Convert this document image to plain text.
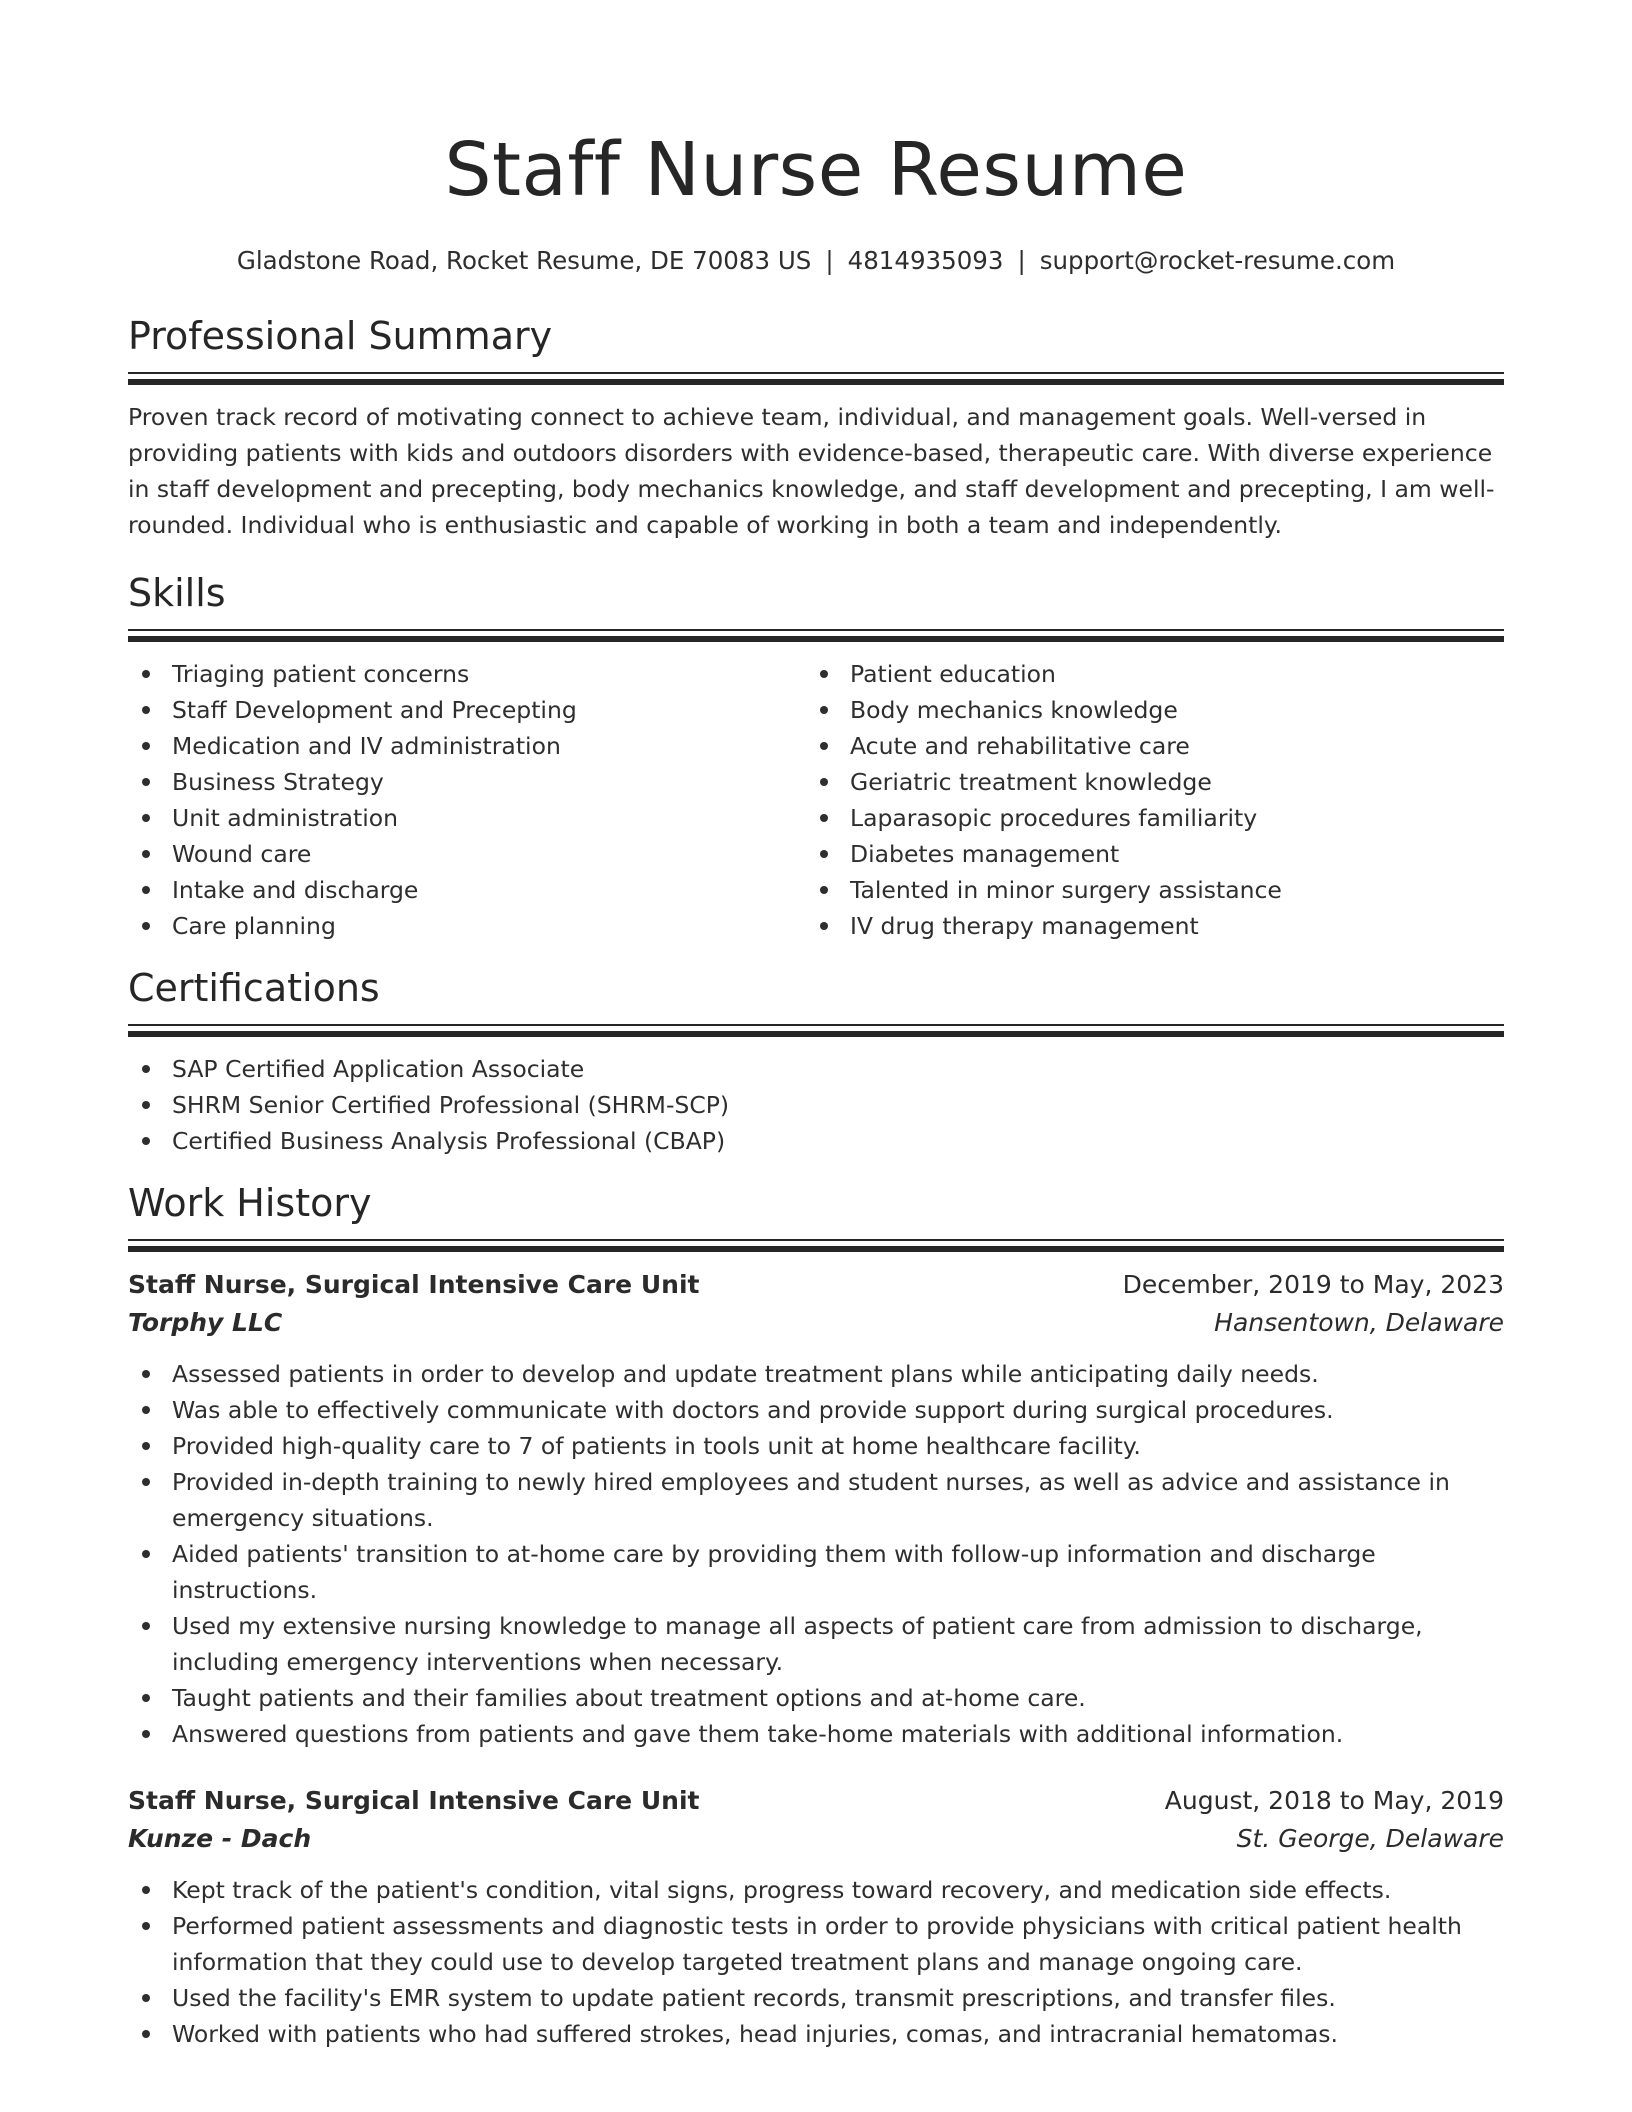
Staff Nurse Resume
Gladstone Road, Rocket Resume, DE 70083 US | 4814935093 | support@rocket-resume.com
Professional Summary
Proven track record of motivating connect to achieve team, individual, and management goals. Well-versed in providing patients with kids and outdoors disorders with evidence-based, therapeutic care. With diverse experience in staff development and precepting, body mechanics knowledge, and staff development and precepting, I am well-rounded. Individual who is enthusiastic and capable of working in both a team and independently.
Skills
Triaging patient concerns
Staff Development and Precepting
Medication and IV administration
Business Strategy
Unit administration
Wound care
Intake and discharge
Care planning
Patient education
Body mechanics knowledge
Acute and rehabilitative care
Geriatric treatment knowledge
Laparasopic procedures familiarity
Diabetes management
Talented in minor surgery assistance
IV drug therapy management
Certifications
SAP Certified Application Associate
SHRM Senior Certified Professional (SHRM-SCP)
Certified Business Analysis Professional (CBAP)
Work History
Staff Nurse, Surgical Intensive Care Unit	December, 2019 to May, 2023
Torphy LLC	Hansentown, Delaware
Assessed patients in order to develop and update treatment plans while anticipating daily needs.
Was able to effectively communicate with doctors and provide support during surgical procedures.
Provided high-quality care to 7 of patients in tools unit at home healthcare facility.
Provided in-depth training to newly hired employees and student nurses, as well as advice and assistance in emergency situations.
Aided patients' transition to at-home care by providing them with follow-up information and discharge instructions.
Used my extensive nursing knowledge to manage all aspects of patient care from admission to discharge, including emergency interventions when necessary.
Taught patients and their families about treatment options and at-home care.
Answered questions from patients and gave them take-home materials with additional information.
Staff Nurse, Surgical Intensive Care Unit	August, 2018 to May, 2019
Kunze - Dach	St. George, Delaware
Kept track of the patient's condition, vital signs, progress toward recovery, and medication side effects.
Performed patient assessments and diagnostic tests in order to provide physicians with critical patient health information that they could use to develop targeted treatment plans and manage ongoing care.
Used the facility's EMR system to update patient records, transmit prescriptions, and transfer files.
Worked with patients who had suffered strokes, head injuries, comas, and intracranial hematomas.
